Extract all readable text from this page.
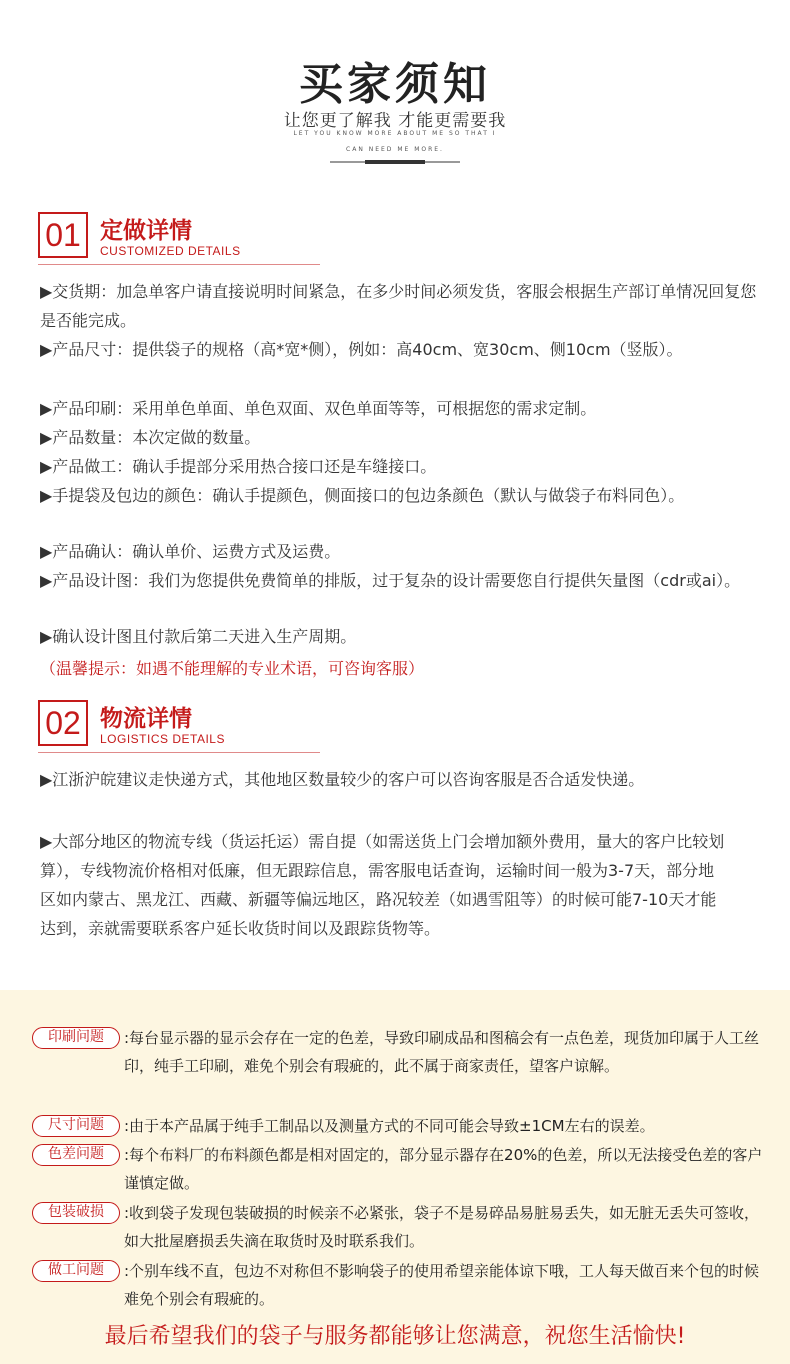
买家须知
让您更了解我 才能更需要我
LET YOU KNOW MORE ABOUT ME SO THAT I
CAN NEED ME MORE.
01 定做详情
CUSTOMIZED DETAILS
▶交货期：加急单客户请直接说明时间紧急，在多少时间必须发货，客服会根据生产部订单情况回复您是否能完成。
▶产品尺寸：提供袋子的规格（高*宽*侧），例如：高40cm、宽30cm、侧10cm（竖版）。
▶产品印刷：采用单色单面、单色双面、双色单面等等，可根据您的需求定制。
▶产品数量：本次定做的数量。
▶产品做工：确认手提部分采用热合接口还是车缝接口。
▶手提袋及包边的颜色：确认手提颜色，侧面接口的包边条颜色（默认与做袋子布料同色）。
▶产品确认：确认单价、运费方式及运费。
▶产品设计图：我们为您提供免费简单的排版，过于复杂的设计需要您自行提供矢量图（cdr或ai）。
▶确认设计图且付款后第二天进入生产周期。
（温馨提示：如遇不能理解的专业术语，可咨询客服）
02 物流详情
LOGISTICS DETAILS
▶江浙沪皖建议走快递方式，其他地区数量较少的客户可以咨询客服是否合适发快递。
▶大部分地区的物流专线（货运托运）需自提（如需送货上门会增加额外费用，量大的客户比较划算），专线物流价格相对低廉，但无跟踪信息，需客服电话查询，运输时间一般为3-7天，部分地区如内蒙古、黑龙江、西藏、新疆等偏远地区，路况较差（如遇雪阻等）的时候可能7-10天才能达到，亲就需要联系客户延长收货时间以及跟踪货物等。
印刷问题	:每台显示器的显示会存在一定的色差，导致印刷成品和图稿会有一点色差，现货加印属于人工丝印，纯手工印刷，难免个别会有瑕疵的，此不属于商家责任，望客户谅解。
尺寸问题	:由于本产品属于纯手工制品以及测量方式的不同可能会导致±1CM左右的误差。
色差问题	:每个布料厂的布料颜色都是相对固定的，部分显示器存在20%的色差，所以无法接受色差的客户谨慎定做。
包装破损	:收到袋子发现包装破损的时候亲不必紧张，袋子不是易碎品易脏易丢失，如无脏无丢失可签收，如大批屋磨损丢失滴在取货时及时联系我们。
做工问题	:个别车线不直，包边不对称但不影响袋子的使用希望亲能体谅下哦，工人每天做百来个包的时候难免个别会有瑕疵的。
最后希望我们的袋子与服务都能够让您满意，祝您生活愉快!
